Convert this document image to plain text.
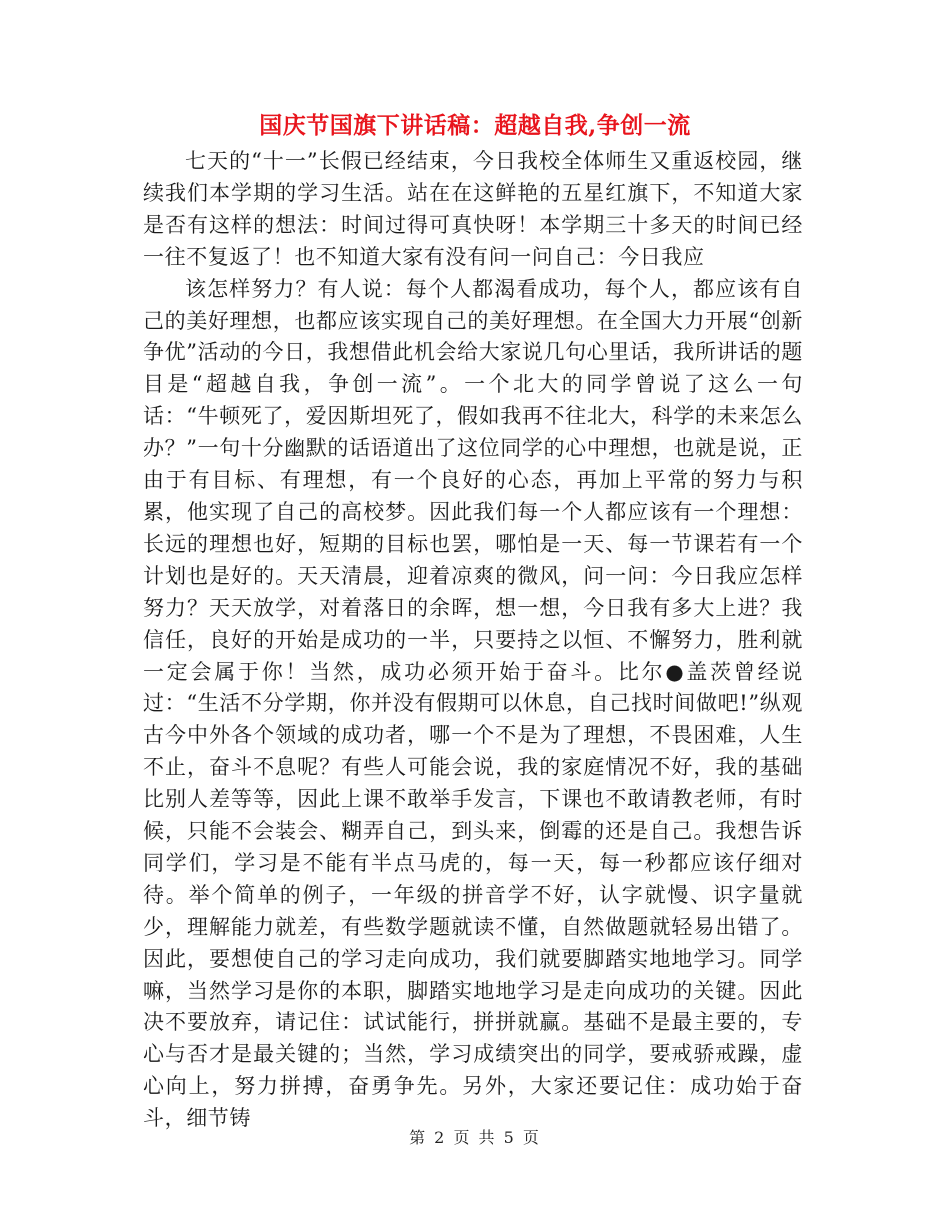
国庆节国旗下讲话稿：超越自我,争创一流

七天的“十一”长假已经结束，今日我校全体师生又重返校园，继续我们本学期的学习生活。站在在这鲜艳的五星红旗下，不知道大家是否有这样的想法：时间过得可真快呀！本学期三十多天的时间已经一往不复返了！也不知道大家有没有问一问自己：今日我应

该怎样努力？有人说：每个人都渴看成功，每个人，都应该有自己的美好理想，也都应该实现自己的美好理想。在全国大力开展“创新争优”活动的今日，我想借此机会给大家说几句心里话，我所讲话的题目是“超越自我，争创一流”。一个北大的同学曾说了这么一句话：“牛顿死了，爱因斯坦死了，假如我再不往北大，科学的未来怎么办？”一句十分幽默的话语道出了这位同学的心中理想，也就是说，正由于有目标、有理想，有一个良好的心态，再加上平常的努力与积累，他实现了自己的高校梦。因此我们每一个人都应该有一个理想：长远的理想也好，短期的目标也罢，哪怕是一天、每一节课若有一个计划也是好的。天天清晨，迎着凉爽的微风，问一问：今日我应怎样努力？天天放学，对着落日的余晖，想一想，今日我有多大上进？我信任，良好的开始是成功的一半，只要持之以恒、不懈努力，胜利就一定会属于你！当然，成功必须开始于奋斗。比尔●盖茨曾经说过：“生活不分学期，你并没有假期可以休息，自己找时间做吧!”纵观古今中外各个领域的成功者，哪一个不是为了理想，不畏困难，人生不止，奋斗不息呢？有些人可能会说，我的家庭情况不好，我的基础比别人差等等，因此上课不敢举手发言，下课也不敢请教老师，有时候，只能不会装会、糊弄自己，到头来，倒霉的还是自己。我想告诉同学们，学习是不能有半点马虎的，每一天，每一秒都应该仔细对待。举个简单的例子，一年级的拼音学不好，认字就慢、识字量就少，理解能力就差，有些数学题就读不懂，自然做题就轻易出错了。因此，要想使自己的学习走向成功，我们就要脚踏实地地学习。同学嘛，当然学习是你的本职，脚踏实地地学习是走向成功的关键。因此决不要放弃，请记住：试试能行，拼拼就赢。基础不是最主要的，专心与否才是最关键的；当然，学习成绩突出的同学，要戒骄戒躁，虚心向上，努力拼搏，奋勇争先。另外，大家还要记住：成功始于奋斗，细节铸

第 2 页 共 5 页
